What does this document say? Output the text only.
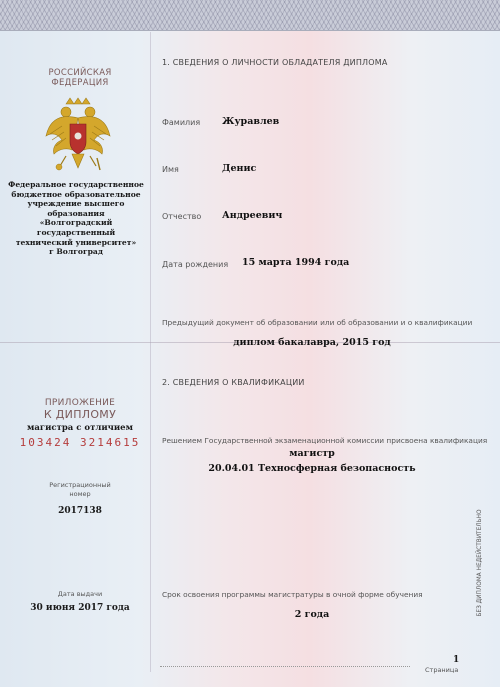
РОССИЙСКАЯ
ФЕДЕРАЦИЯ
Федеральное государственное
бюджетное образовательное
учреждение высшего образования
«Волгоградский государственный
технический университет»
г Волгоград
ПРИЛОЖЕНИЕ
К ДИПЛОМУ
магистра с отличием
103424 3214615
Регистрационный
номер
2017138
Дата выдачи
30 июня 2017 года
1. СВЕДЕНИЯ О ЛИЧНОСТИ ОБЛАДАТЕЛЯ ДИПЛОМА
Фамилия Журавлев
Имя	Денис
Отчество Андреевич
Дата рождения 15 марта 1994 года
Предыдущий документ об образовании или об образовании и о квалификации
диплом бакалавра, 2015 год
2. СВЕДЕНИЯ О КВАЛИФИКАЦИИ
Решением Государственной экзаменационной комиссии присвоена квалификация
магистр
20.04.01 Техносферная безопасность
Срок освоения программы магистратуры в очной форме обучения
2 года
1
Страница
БЕЗ ДИПЛОМА НЕДЕЙСТВИТЕЛЬНО
